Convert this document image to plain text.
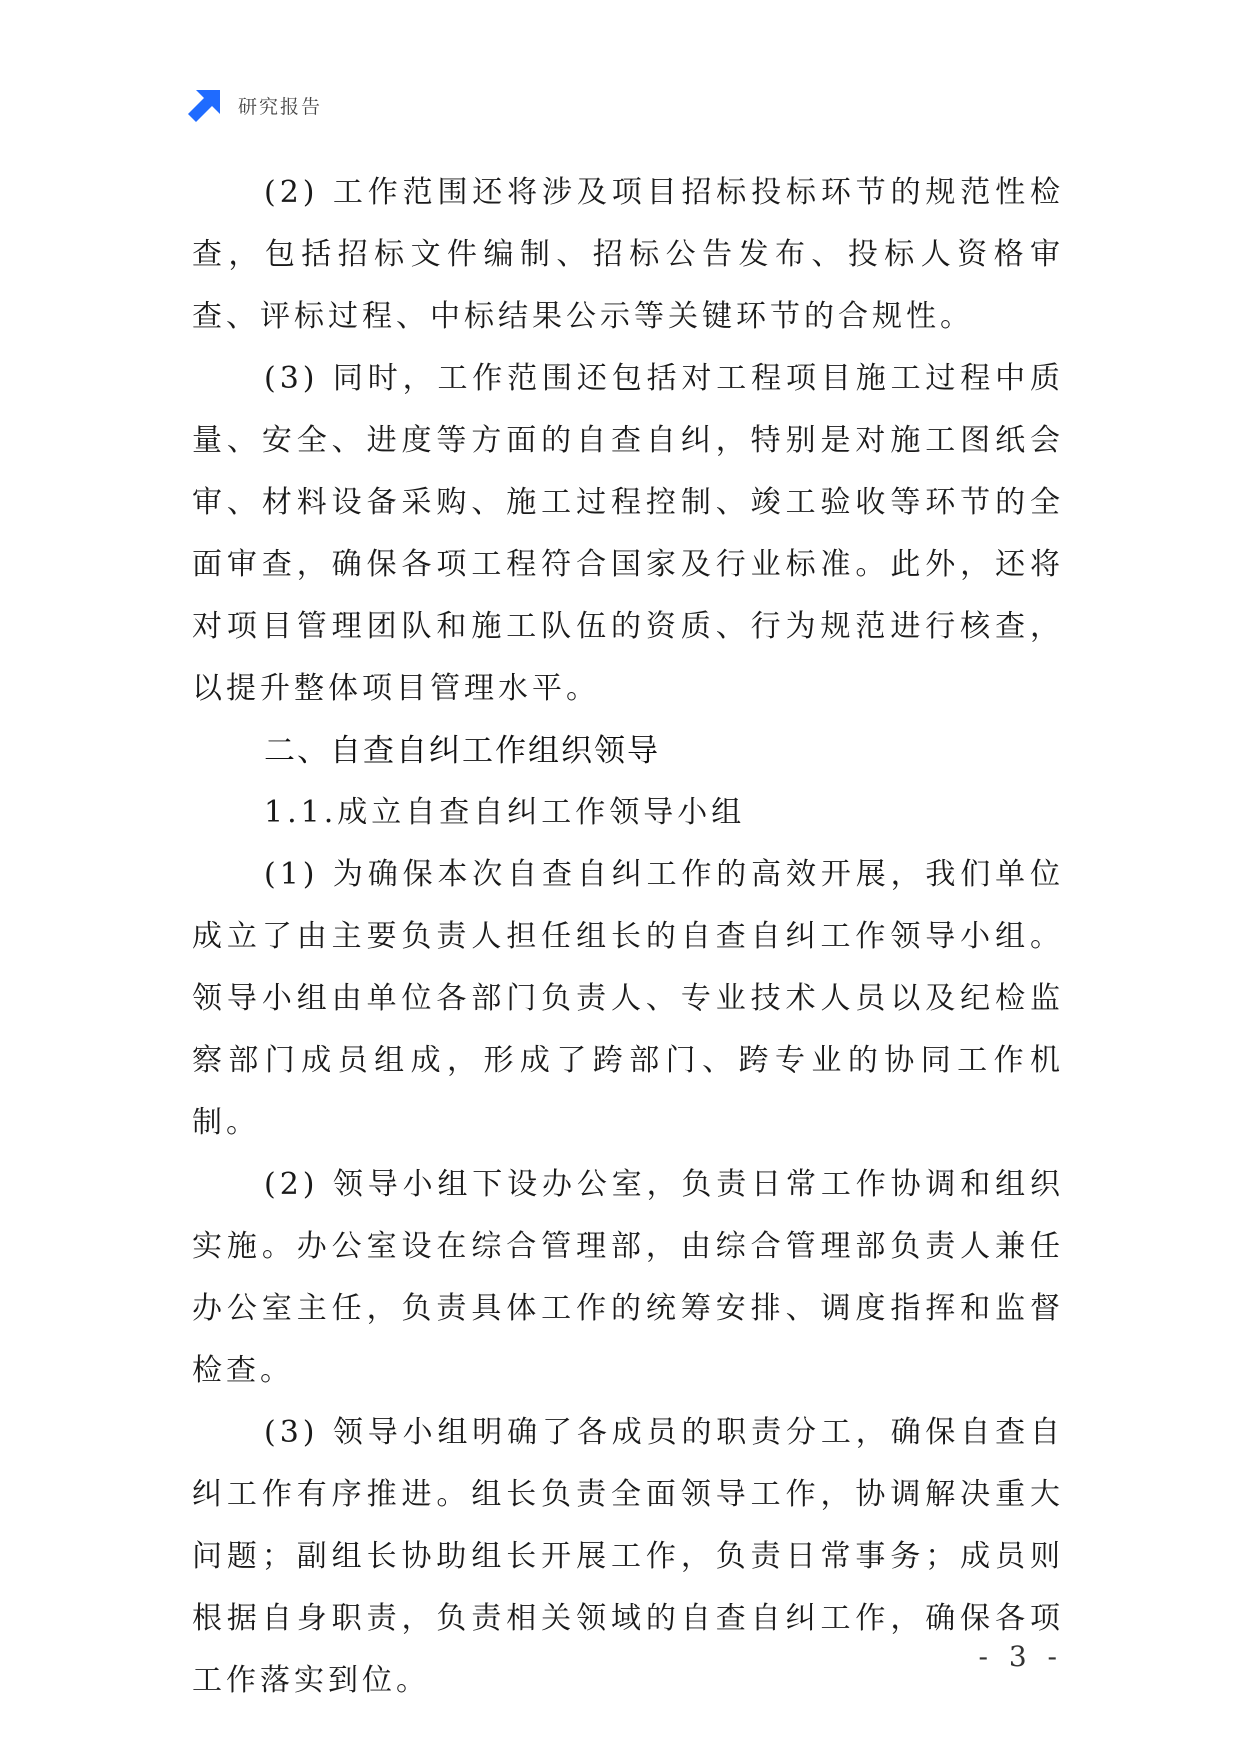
研究报告

(2) 工作范围还将涉及项目招标投标环节的规范性检查，包括招标文件编制、招标公告发布、投标人资格审查、评标过程、中标结果公示等关键环节的合规性。

(3) 同时，工作范围还包括对工程项目施工过程中质量、安全、进度等方面的自查自纠，特别是对施工图纸会审、材料设备采购、施工过程控制、竣工验收等环节的全面审查，确保各项工程符合国家及行业标准。此外，还将对项目管理团队和施工队伍的资质、行为规范进行核查，以提升整体项目管理水平。

二、自查自纠工作组织领导

1.1.成立自查自纠工作领导小组

(1) 为确保本次自查自纠工作的高效开展，我们单位成立了由主要负责人担任组长的自查自纠工作领导小组。领导小组由单位各部门负责人、专业技术人员以及纪检监察部门成员组成，形成了跨部门、跨专业的协同工作机制。

(2) 领导小组下设办公室，负责日常工作协调和组织实施。办公室设在综合管理部，由综合管理部负责人兼任办公室主任，负责具体工作的统筹安排、调度指挥和监督检查。

(3) 领导小组明确了各成员的职责分工，确保自查自纠工作有序推进。组长负责全面领导工作，协调解决重大问题；副组长协助组长开展工作，负责日常事务；成员则根据自身职责，负责相关领域的自查自纠工作，确保各项工作落实到位。

- 3 -
